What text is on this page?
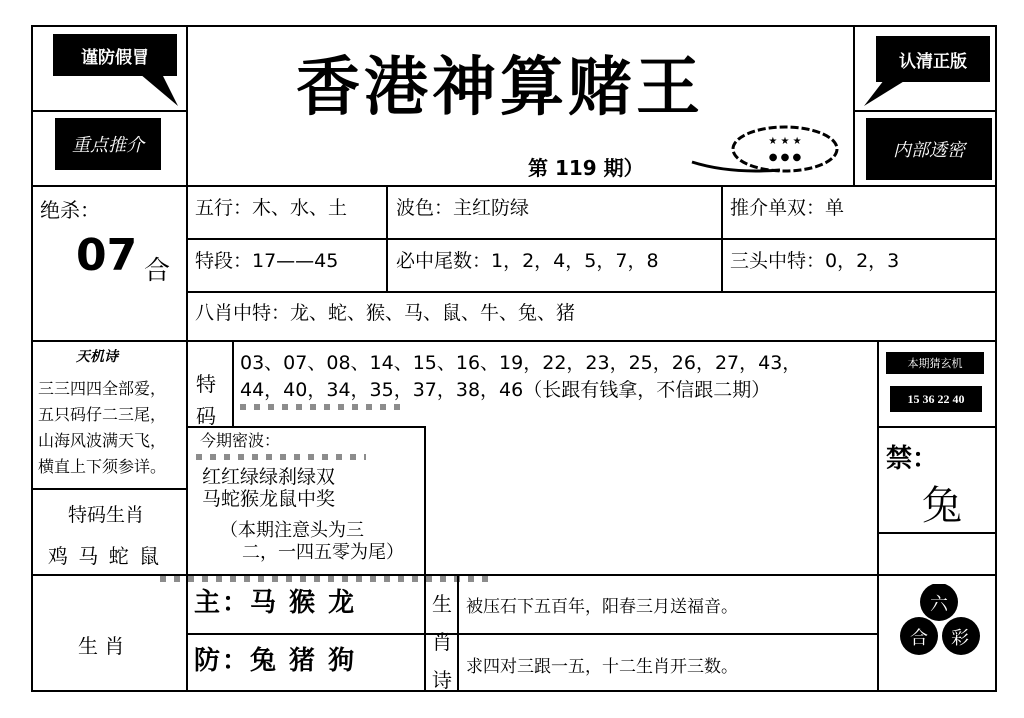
谨防假冒
重点推介
香港神算赌王
第 119 期）
★ ★ ★
● ● ●
认清正版
内部透密
绝杀：
07 合
五行：木、水、土	波色：主红防绿	推介单双：单
特段：17——45	必中尾数：1，2，4，5，7，8	三头中特：0，2，3
八肖中特：龙、蛇、猴、马、鼠、牛、兔、猪
天机诗
三三四四全部爱，
五只码仔二三尾，
山海风波满天飞，
横直上下须参详。
特
码
03、07、08、14、15、16、19，22，23，25，26，27，43，
44，40，34，35，37，38，46（长跟有钱拿，不信跟二期）
本期猜玄机
15 36 22 40
今期密波：
红红绿绿刹绿双
马蛇猴龙鼠中奖
（本期注意头为三
二，一四五零为尾）
禁：
兔
特码生肖
鸡 马 蛇 鼠
生 肖
主：马 猴 龙
防：兔 猪 狗
生
肖
诗
被压石下五百年，阳春三月送福音。
求四对三跟一五，十二生肖开三数。
六
合 彩
